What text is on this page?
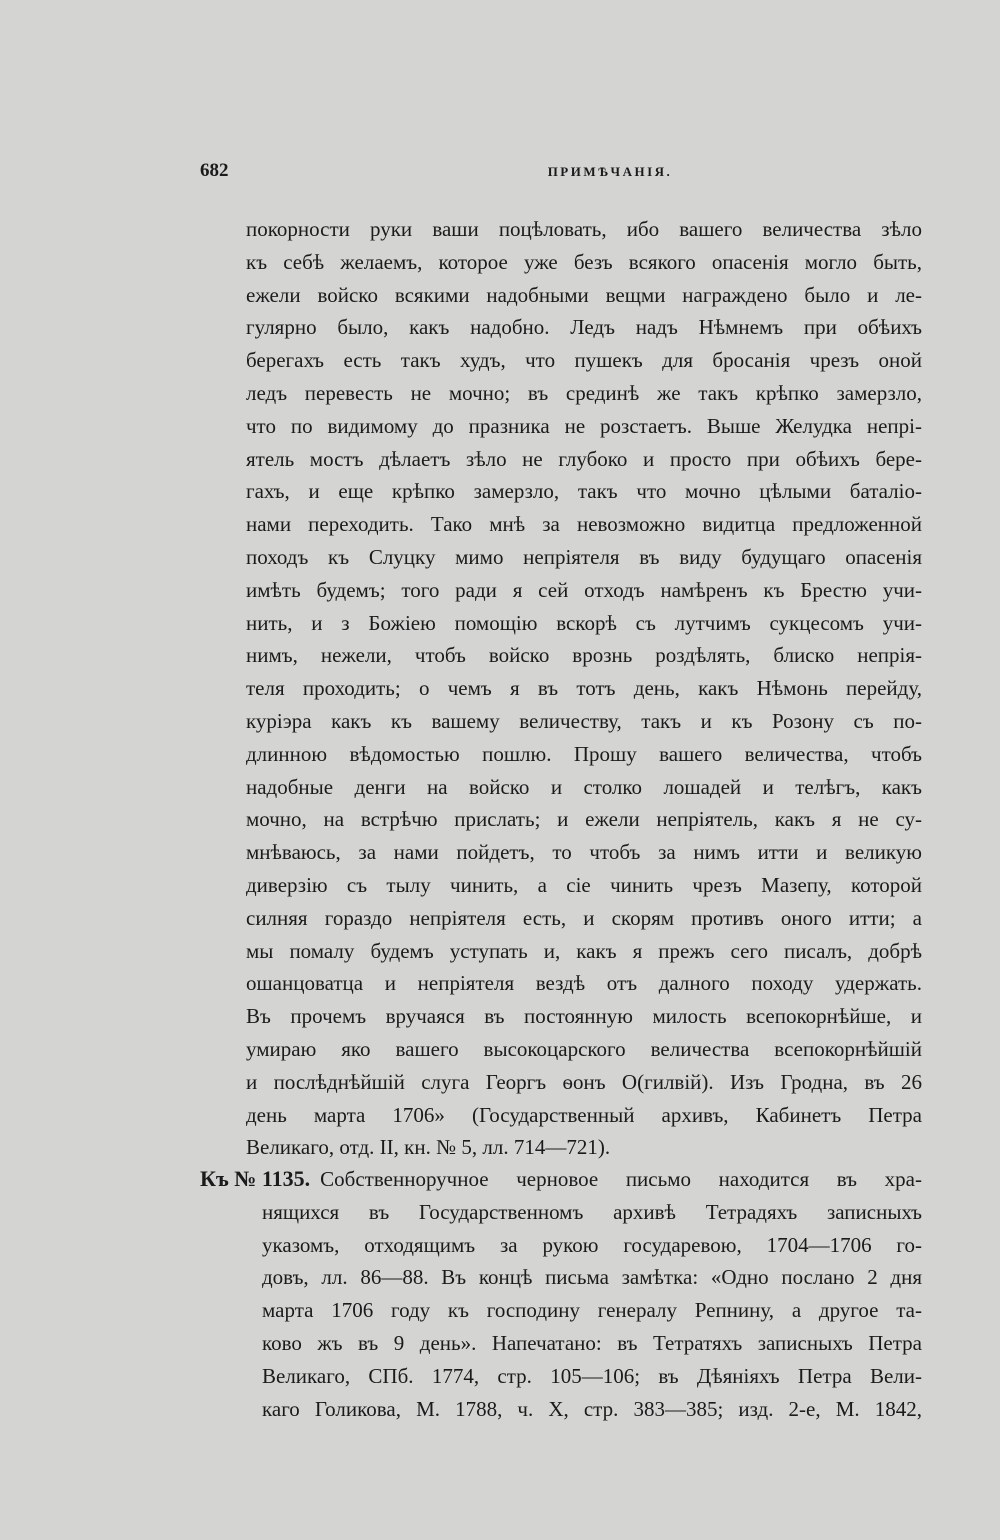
682	ПРИМѢЧАНІЯ.
покорности руки ваши поцѣловать, ибо вашего величества зѣло
къ себѣ желаемъ, которое уже безъ всякого опасенія могло быть,
ежели войско всякими надобными вещми награждено было и ле-
гулярно было, какъ надобно. Ледъ надъ Нѣмнемъ при обѣихъ
берегахъ есть такъ худъ, что пушекъ для бросанія чрезъ оной
ледъ перевесть не мочно; въ срединѣ же такъ крѣпко замерзло,
что по видимому до празника не розстаетъ. Выше Желудка непрі-
ятель мостъ дѣлаетъ зѣло не глубоко и просто при обѣихъ бере-
гахъ, и еще крѣпко замерзло, такъ что мочно цѣлыми баталіо-
нами переходить. Тако мнѣ за невозможно видитца предложенной
походъ къ Слуцку мимо непріятеля въ виду будущаго опасенія
имѣть будемъ; того ради я сей отходъ намѣренъ къ Брестю учи-
нить, и з Божіею помощію вскорѣ съ лутчимъ сукцесомъ учи-
нимъ, нежели, чтобъ войско врознь роздѣлять, блиско непрія-
теля проходить; о чемъ я въ тотъ день, какъ Нѣмонь перейду,
куріэра какъ къ вашему величеству, такъ и къ Розону съ по-
длинною вѣдомостью пошлю. Прошу вашего величества, чтобъ
надобные денги на войско и столко лошадей и телѣгъ, какъ
мочно, на встрѣчю прислать; и ежели непріятель, какъ я не су-
мнѣваюсь, за нами пойдетъ, то чтобъ за нимъ итти и великую
диверзію съ тылу чинить, а сіе чинить чрезъ Мазепу, которой
силняя гораздо непріятеля есть, и скорям противъ оного итти; а
мы помалу будемъ уступать и, какъ я прежъ сего писалъ, добрѣ
ошанцоватца и непріятеля вездѣ отъ далного походу удержать.
Въ прочемъ вручаяся въ постоянную милость всепокорнѣйше, и
умираю яко вашего высокоцарского величества всепокорнѣйшій
и послѣднѣйшій слуга Георгъ ѳонъ О(гилвій). Изъ Гродна, въ 26
день марта 1706» (Государственный архивъ, Кабинетъ Петра
Великаго, отд. II, кн. № 5, лл. 714—721).
Къ № 1135. Собственноручное черновое письмо находится въ хра-
нящихся въ Государственномъ архивѣ Тетрадяхъ записныхъ
указомъ, отходящимъ за рукою государевою, 1704—1706 го-
довъ, лл. 86—88. Въ концѣ письма замѣтка: «Одно послано 2 дня
марта 1706 году къ господину генералу Репнину, а другое та-
ково жъ въ 9 день». Напечатано: въ Тетратяхъ записныхъ Петра
Великаго, СПб. 1774, стр. 105—106; въ Дѣяніяхъ Петра Вели-
каго Голикова, М. 1788, ч. X, стр. 383—385; изд. 2-е, М. 1842,
